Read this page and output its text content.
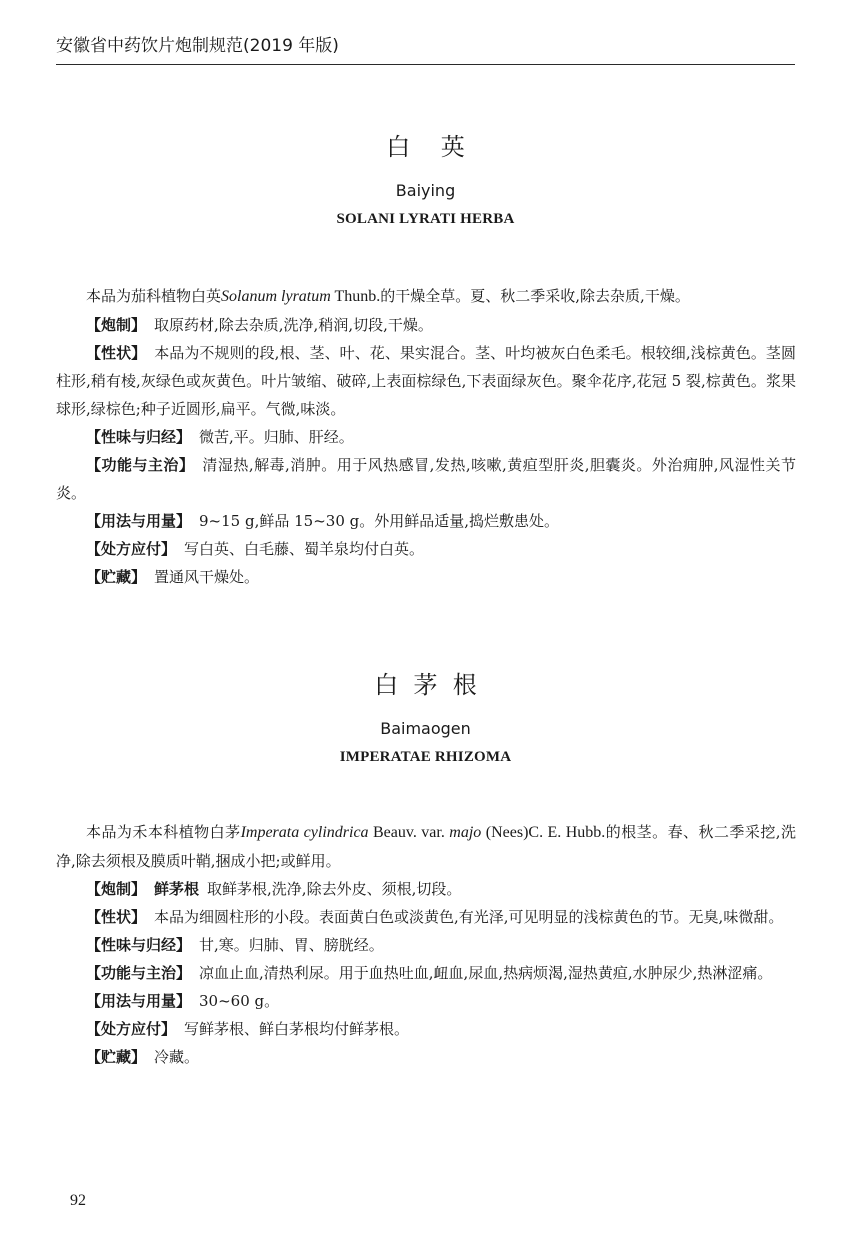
安徽省中药饮片炮制规范(2019 年版)
白    英
Baiying
SOLANI LYRATI HERBA

本品为茄科植物白英Solanum lyratum Thunb.的干燥全草。夏、秋二季采收,除去杂质,干燥。

【炮制】 取原药材,除去杂质,洗净,稍润,切段,干燥。

【性状】 本品为不规则的段,根、茎、叶、花、果实混合。茎、叶均被灰白色柔毛。根较细,浅棕黄色。茎圆柱形,稍有棱,灰绿色或灰黄色。叶片皱缩、破碎,上表面棕绿色,下表面绿灰色。聚伞花序,花冠 5 裂,棕黄色。浆果球形,绿棕色;种子近圆形,扁平。气微,味淡。

【性味与归经】 微苦,平。归肺、肝经。

【功能与主治】 清湿热,解毒,消肿。用于风热感冒,发热,咳嗽,黄疸型肝炎,胆囊炎。外治痈肿,风湿性关节炎。

【用法与用量】 9~15 g,鲜品 15~30 g。外用鲜品适量,捣烂敷患处。

【处方应付】 写白英、白毛藤、蜀羊泉均付白英。

【贮藏】 置通风干燥处。

白  茅  根
Baimaogen
IMPERATAE RHIZOMA

本品为禾本科植物白茅Imperata cylindrica Beauv. var. majo (Nees)C. E. Hubb.的根茎。春、秋二季采挖,洗净,除去须根及膜质叶鞘,捆成小把;或鲜用。

【炮制】 鲜茅根 取鲜茅根,洗净,除去外皮、须根,切段。

【性状】 本品为细圆柱形的小段。表面黄白色或淡黄色,有光泽,可见明显的浅棕黄色的节。无臭,味微甜。

【性味与归经】 甘,寒。归肺、胃、膀胱经。

【功能与主治】 凉血止血,清热利尿。用于血热吐血,衄血,尿血,热病烦渴,湿热黄疸,水肿尿少,热淋涩痛。

【用法与用量】 30~60 g。

【处方应付】 写鲜茅根、鲜白茅根均付鲜茅根。

【贮藏】 冷藏。

92
